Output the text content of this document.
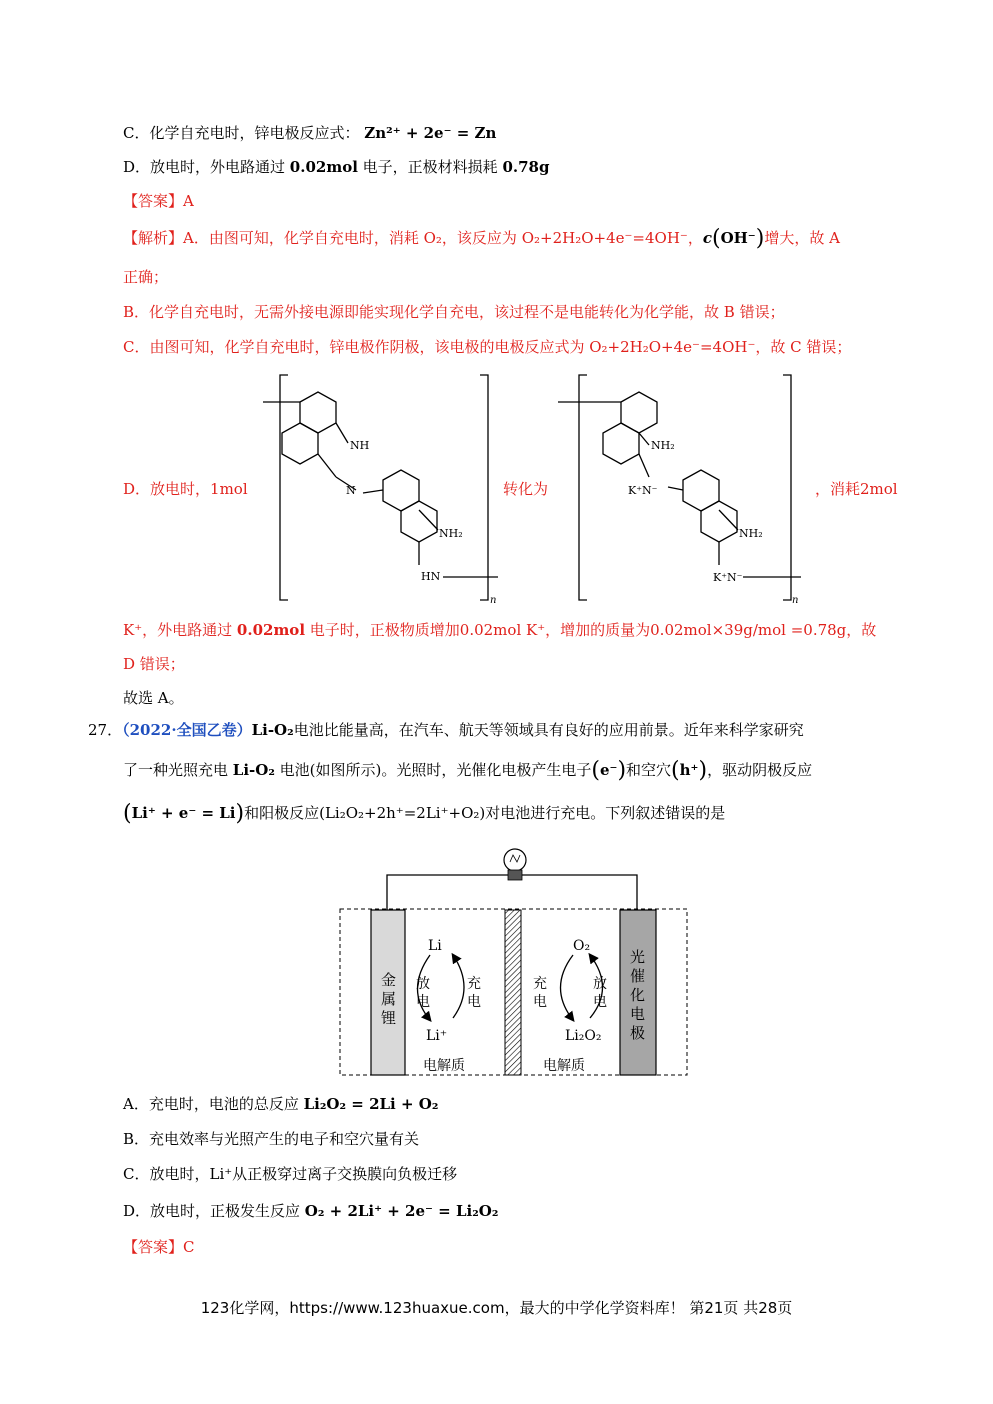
C．化学自充电时，锌电极反应式： Zn²⁺ + 2e⁻ = Zn
D．放电时，外电路通过 0.02mol 电子，正极材料损耗 0.78g
【答案】A
【解析】A．由图可知，化学自充电时，消耗 O₂，该反应为 O₂+2H₂O+4e⁻=4OH⁻，c(OH⁻)增大，故 A
正确；
B．化学自充电时，无需外接电源即能实现化学自充电，该过程不是电能转化为化学能，故 B 错误；
C．由图可知，化学自充电时，锌电极作阴极，该电极的电极反应式为 O₂+2H₂O+4e⁻=4OH⁻，故 C 错误；
D．放电时，1mol	转化为	，消耗2mol
NH
N
NH₂
HN
n
NH₂
K⁺N⁻
NH₂
K⁺N⁻
n
K⁺，外电路通过 0.02mol 电子时，正极物质增加0.02mol K⁺，增加的质量为0.02mol×39g/mol =0.78g，故
D 错误；
故选 A。
27．（2022·全国乙卷）Li-O₂电池比能量高，在汽车、航天等领域具有良好的应用前景。近年来科学家研究
了一种光照充电 Li-O₂ 电池(如图所示)。光照时，光催化电极产生电子(e⁻)和空穴(h⁺)，驱动阴极反应
(Li⁺ + e⁻ = Li)和阳极反应(Li₂O₂+2h⁺=2Li⁺+O₂)对电池进行充电。下列叙述错误的是
金
属
锂
光
催
化
电
极
Li
Li⁺
O₂
Li₂O₂
放
电
充
电
充
电
放
电
电解质	电解质
A．充电时，电池的总反应 Li₂O₂ = 2Li + O₂
B．充电效率与光照产生的电子和空穴量有关
C．放电时，Li⁺从正极穿过离子交换膜向负极迁移
D．放电时，正极发生反应 O₂ + 2Li⁺ + 2e⁻ = Li₂O₂
【答案】C
123化学网，https://www.123huaxue.com，最大的中学化学资料库！ 第21页 共28页
